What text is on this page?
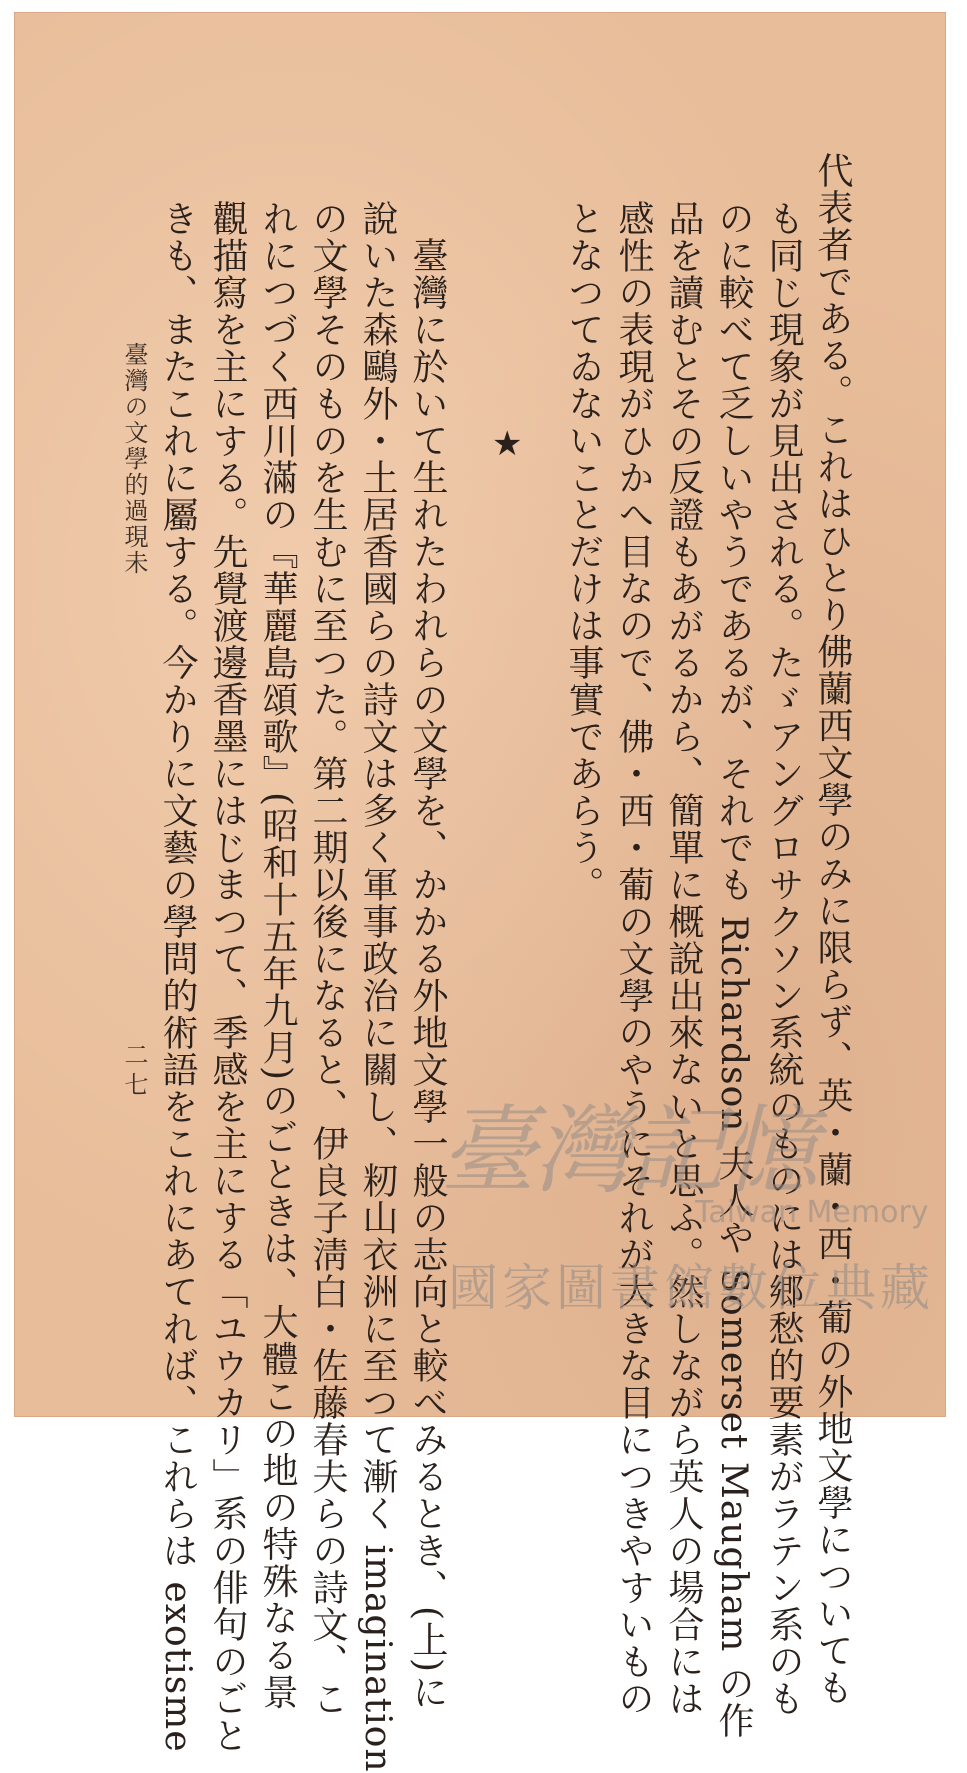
代表者である。これはひとり佛蘭西文學のみに限らず、英・蘭・西・葡の外地文學についても
も同じ現象が見出される。たゞアングロサクソン系統のものには郷愁的要素がラテン系のも
のに較べて乏しいやうであるが、それでも Richardson 夫人や Somerset Maugham の作
品を讀むとその反證もあがるから、簡單に概說出來ないと思ふ。然しながら英人の場合には
感性の表現がひかへ目なので、佛・西・葡の文學のやうにそれが大きな目につきやすいもの
となつてゐないことだけは事實であらう。
★
臺灣に於いて生れたわれらの文學を、かかる外地文學一般の志向と較べみるとき、(上)に
說いた森鷗外・土居香國らの詩文は多く軍事政治に關し、籾山衣洲に至つて漸く imagination
の文學そのものを生むに至つた。第二期以後になると、伊良子淸白・佐藤春夫らの詩文、こ
れにつづく西川滿の『華麗島頌歌』(昭和十五年九月)のごときは、大體この地の特殊なる景
觀描寫を主にする。先覺渡邊香墨にはじまつて、季感を主にする「ユウカリ」系の俳句のごと
きも、またこれに屬する。今かりに文藝の學問的術語をこれにあてれば、これらは exotisme
臺灣の文學的過現未
二七
臺灣記憶
Taiwan Memory
國家圖書館數位典藏
